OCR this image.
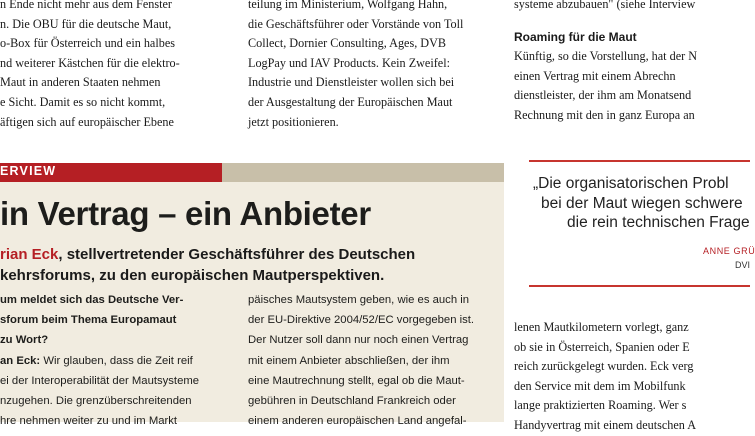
n Ende nicht mehr aus dem Fenster
n. Die OBU für die deutsche Maut,
o-Box für Österreich und ein halbes
nd weiterer Kästchen für die elektro-
Maut in anderen Staaten nehmen
e Sicht. Damit es so nicht kommt,
äftigen sich auf europäischer Ebene
teilung im Ministerium, Wolfgang Hahn,
die Geschäftsführer oder Vorstände von Toll
Collect, Dornier Consulting, Ages, DVB
LogPay und IAV Products. Kein Zweifel:
Industrie und Dienstleister wollen sich bei
der Ausgestaltung der Europäischen Maut
jetzt positionieren.
systeme abzubauen" (siehe Interview
Roaming für die Maut
Künftig, so die Vorstellung, hat der N
einen Vertrag mit einem Abrechn
dienstleister, der ihm am Monatsend
Rechnung mit den in ganz Europa an
lenen Mautkilometern vorlegt, ganz
ob sie in Österreich, Spanien oder E
reich zurückgelegt wurden. Eck verg
den Service mit dem im Mobilfunk
lange praktizierten Roaming. Wer s
Handyvertrag mit einem deutschen A
ERVIEW
in Vertrag – ein Anbieter
rian Eck, stellvertretender Geschäftsführer des Deutschen
kehrsforums, zu den europäischen Mautperspektiven.
um meldet sich das Deutsche Ver-
sforum beim Thema Europamaut
zu Wort?
an Eck: Wir glauben, dass die Zeit reif
ei der Interoperabilität der Mautsysteme
nzugehen. Die grenzüberschreitenden
hre nehmen weiter zu und im Markt
päisches Mautsystem geben, wie es auch in
der EU-Direktive 2004/52/EC vorgegeben ist.
Der Nutzer soll dann nur noch einen Vertrag
mit einem Anbieter abschließen, der ihm
eine Mautrechnung stellt, egal ob die Maut-
gebühren in Deutschland Frankreich oder
einem anderen europäischen Land angefal-
„Die organisatorischen Probl
bei der Maut wiegen schwere
die rein technischen Frage
ANNE GRÜ
DVI
